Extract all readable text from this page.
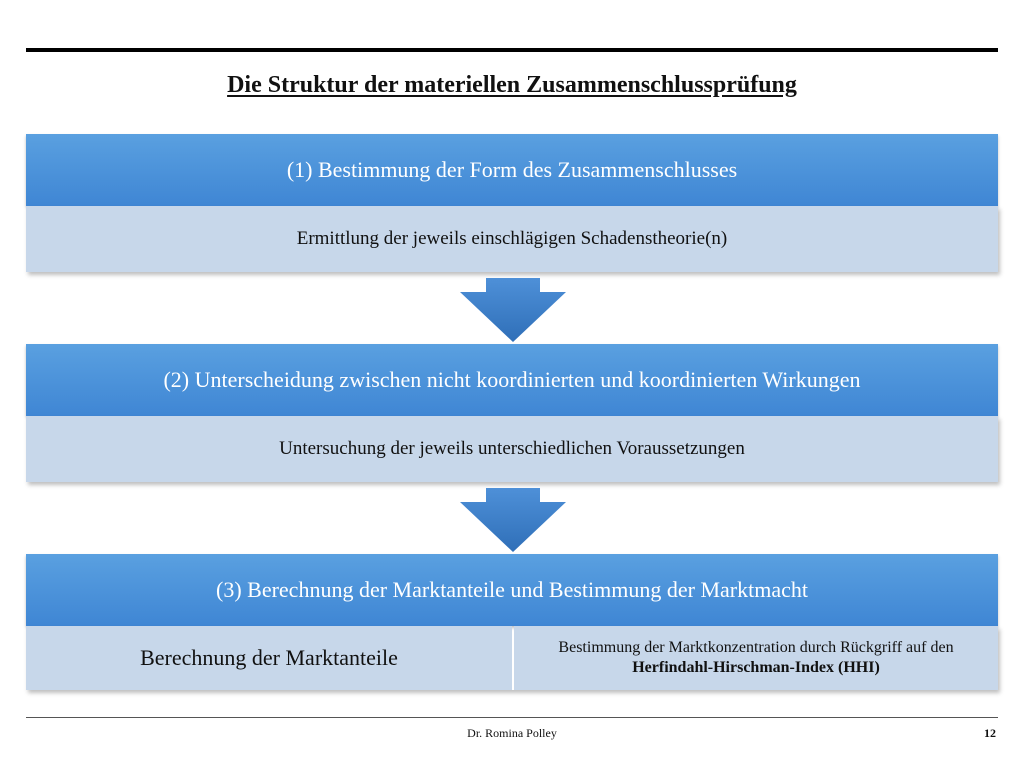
Die Struktur der materiellen Zusammenschlussprüfung
(1) Bestimmung der Form des Zusammenschlusses
Ermittlung der jeweils einschlägigen Schadenstheorie(n)
(2) Unterscheidung zwischen nicht koordinierten und koordinierten Wirkungen
Untersuchung der jeweils unterschiedlichen Voraussetzungen
(3) Berechnung der Marktanteile und Bestimmung der Marktmacht
Berechnung der Marktanteile	Bestimmung der Marktkonzentration durch Rückgriff auf den Herfindahl-Hirschman-Index (HHI)
Dr. Romina Polley	12
